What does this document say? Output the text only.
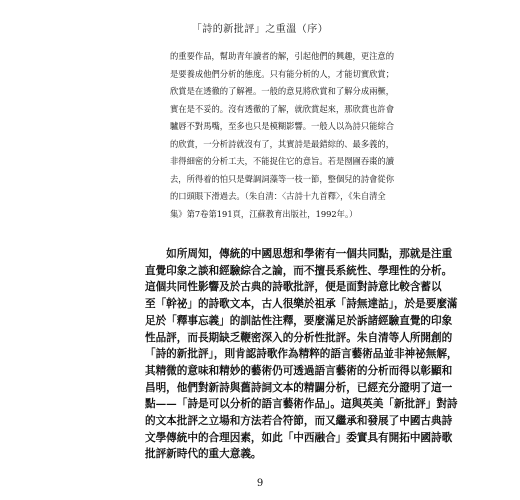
「詩的新批評」之重溫（序）
的重要作品，幫助青年讀者的解，引起他們的興趣，更注意的
是要養成他們分析的態度。只有能分析的人，才能切實欣賞；
欣賞是在透徹的了解裡。一般的意見將欣賞和了解分成兩橛，
實在是不妥的。沒有透徹的了解，就欣賞起來，那欣賞也許會
驢唇不對馬嘴，至多也只是模糊影響。一般人以為詩只能綜合
的欣賞，一分析詩就沒有了，其實詩是最錯綜的、最多義的，
非得細密的分析工夫，不能捉住它的意旨。若是囫圇吞棗的讀
去，所得着的怕只是聲調詞藻等一枝一節，整個兒的詩會從你
的口頭眼下滑過去。（朱自清：〈古詩十九首釋〉，《朱自清全
集》第7卷第191頁，江蘇教育出版社，1992年。）
　　如所周知，傳統的中國思想和學術有一個共同點，那就是注重
直覺印象之談和經驗綜合之論，而不擅長系統性、學理性的分析。
這個共同性影響及於古典的詩歌批評，便是面對詩意比較含蓄以
至「幹祕」的詩歌文本，古人很樂於祖承「詩無達詁」，於是要麼滿
足於「釋事忘義」的訓詁性注釋，要麼滿足於訴諸經驗直覺的印象
性品評，而長期缺乏鞭密深入的分析性批評。朱自清等人所開創的
「詩的新批評」，則肯認詩歌作為精粹的語言藝術品並非神祕無解，
其精微的意味和精妙的藝術仍可透過語言藝術的分析而得以彰顯和
昌明，他們對新詩與舊詩詞文本的精闢分析，已經充分證明了這一
點——「詩是可以分析的語言藝術作品」。這與英美「新批評」對詩
的文本批評之立場和方法若合符節，而又繼承和發展了中國古典詩
文學傳統中的合理因素，如此「中西融合」委實具有開拓中國詩歌
批評新時代的重大意義。
9
